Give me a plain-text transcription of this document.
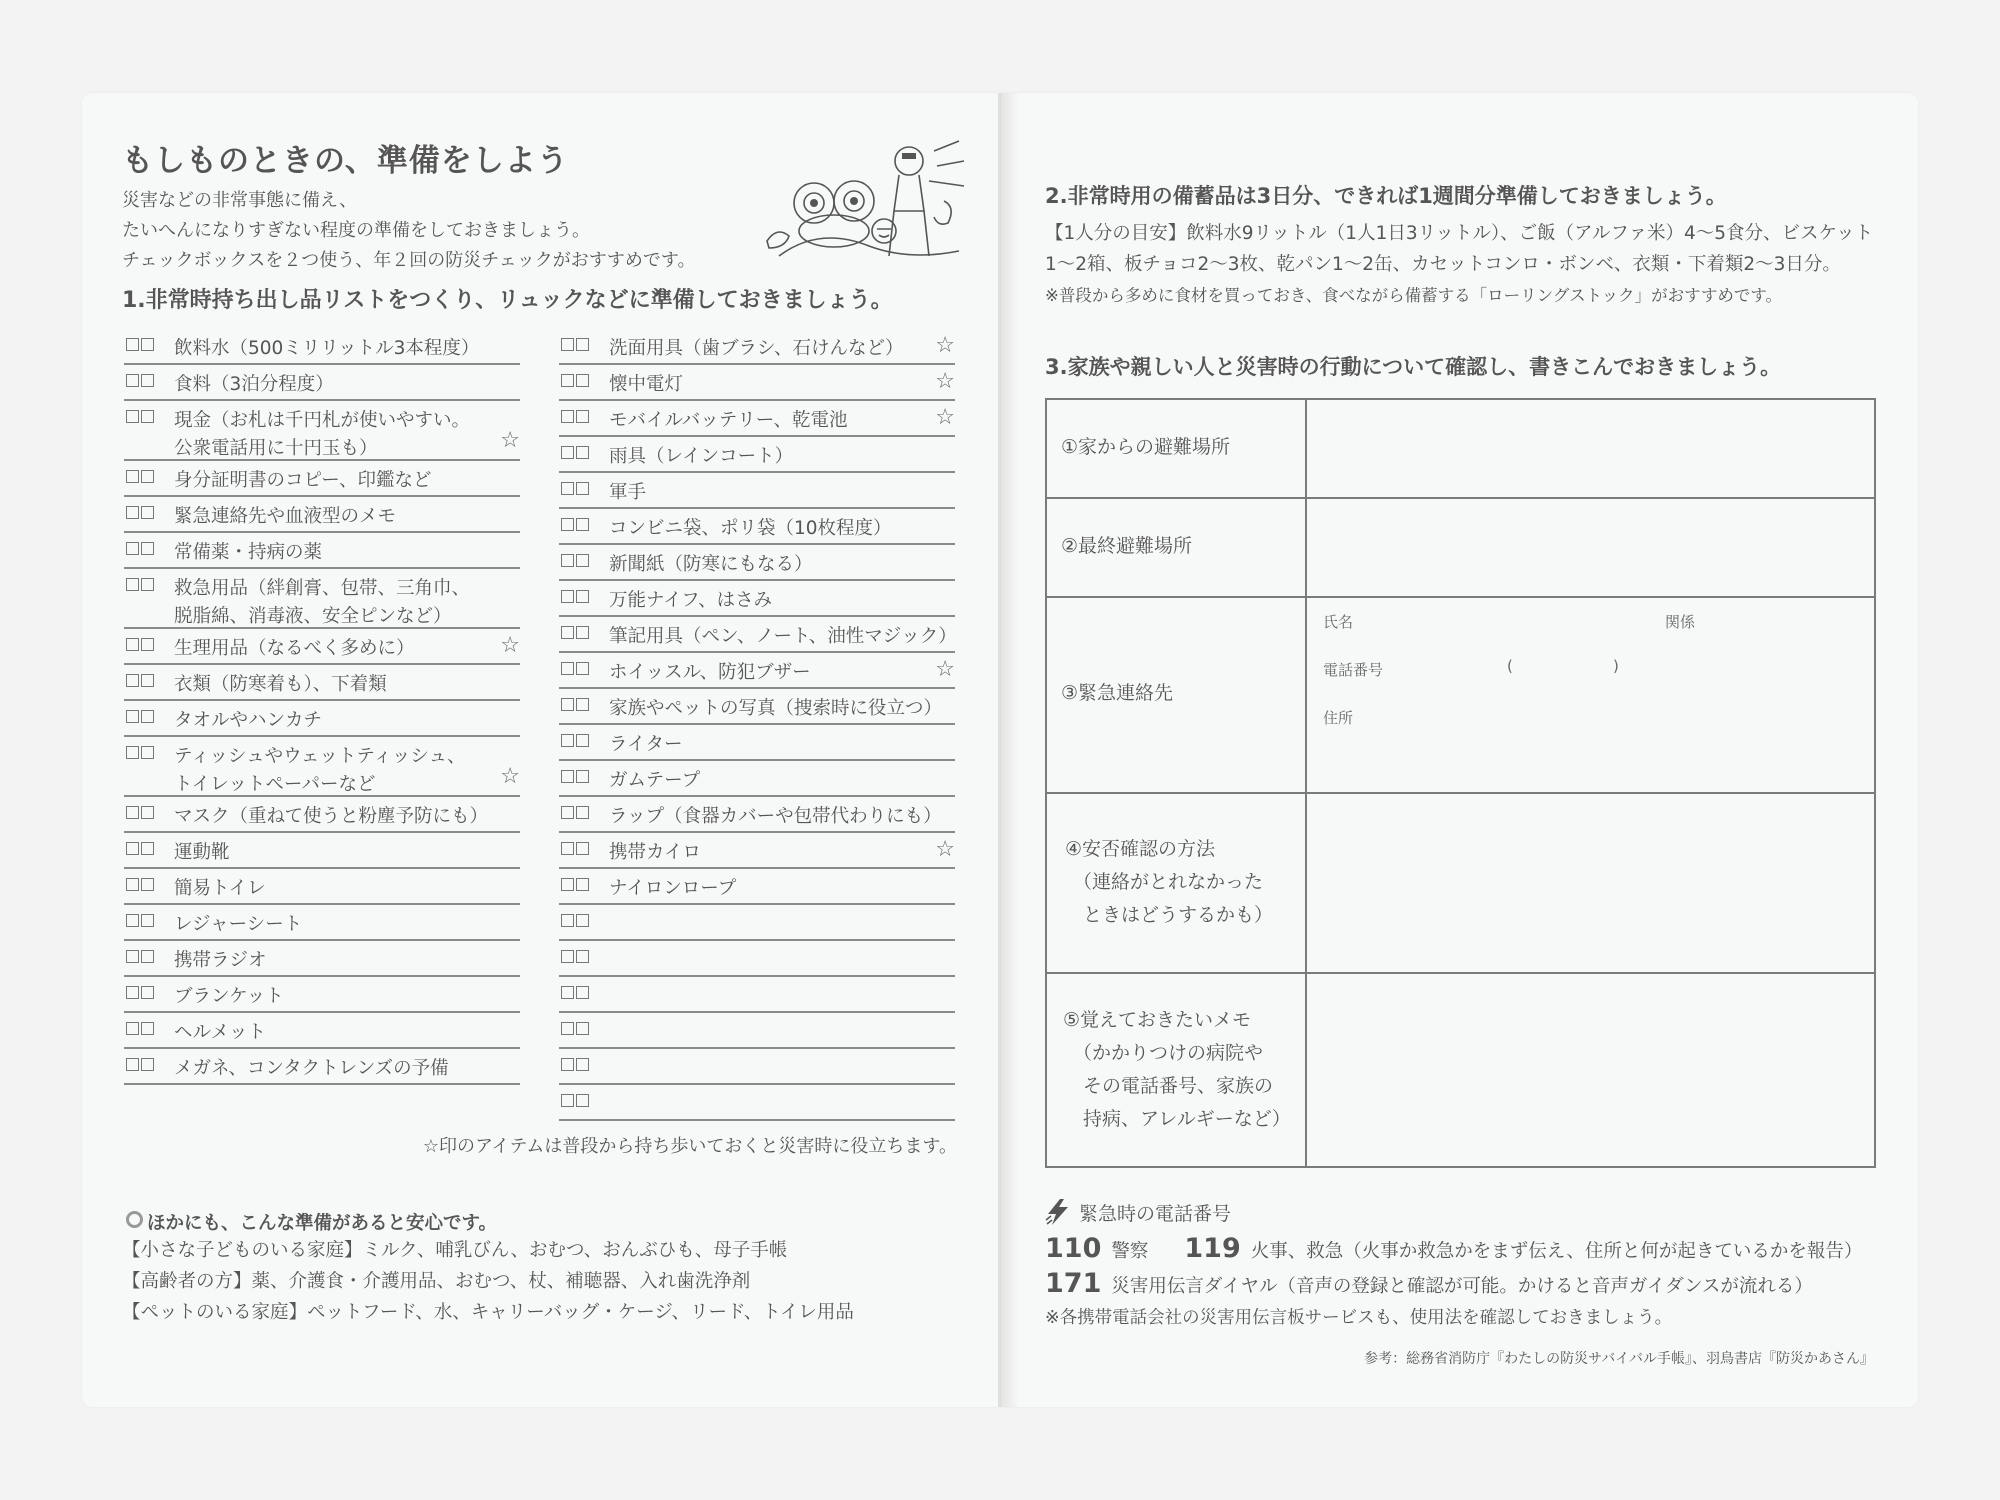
もしものときの、準備をしよう
災害などの非常事態に備え、
たいへんになりすぎない程度の準備をしておきましょう。
チェックボックスを２つ使う、年２回の防災チェックがおすすめです。
1.非常時持ち出し品リストをつくり、リュックなどに準備しておきましょう。
飲料水（500ミリリットル3本程度）
食料（3泊分程度）
現金（お札は千円札が使いやすい。
公衆電話用に十円玉も）	☆
身分証明書のコピー、印鑑など
緊急連絡先や血液型のメモ
常備薬・持病の薬
救急用品（絆創膏、包帯、三角巾、
脱脂綿、消毒液、安全ピンなど）
生理用品（なるべく多めに）	☆
衣類（防寒着も）、下着類
タオルやハンカチ
ティッシュやウェットティッシュ、
トイレットペーパーなど	☆
マスク（重ねて使うと粉塵予防にも）
運動靴
簡易トイレ
レジャーシート
携帯ラジオ
ブランケット
ヘルメット
メガネ、コンタクトレンズの予備
洗面用具（歯ブラシ、石けんなど） ☆
懐中電灯	☆
モバイルバッテリー、乾電池	☆
雨具（レインコート）
軍手
コンビニ袋、ポリ袋（10枚程度）
新聞紙（防寒にもなる）
万能ナイフ、はさみ
筆記用具（ペン、ノート、油性マジック）
ホイッスル、防犯ブザー	☆
家族やペットの写真（捜索時に役立つ）
ライター
ガムテープ
ラップ（食器カバーや包帯代わりにも）
携帯カイロ	☆
ナイロンロープ
☆印のアイテムは普段から持ち歩いておくと災害時に役立ちます。
ほかにも、こんな準備があると安心です。
【小さな子どものいる家庭】ミルク、哺乳びん、おむつ、おんぶひも、母子手帳
【高齢者の方】薬、介護食・介護用品、おむつ、杖、補聴器、入れ歯洗浄剤
【ペットのいる家庭】ペットフード、水、キャリーバッグ・ケージ、リード、トイレ用品
2.非常時用の備蓄品は3日分、できれば1週間分準備しておきましょう。
【1人分の目安】飲料水9リットル（1人1日3リットル）、ご飯（アルファ米）4〜5食分、ビスケット
1〜2箱、板チョコ2〜3枚、乾パン1〜2缶、カセットコンロ・ボンベ、衣類・下着類2〜3日分。
※普段から多めに食材を買っておき、食べながら備蓄する「ローリングストック」がおすすめです。
3.家族や親しい人と災害時の行動について確認し、書きこんでおきましょう。
①家からの避難場所
②最終避難場所
③緊急連絡先
氏名	関係
電話番号	(	)
住所
④安否確認の方法
（連絡がとれなかった
ときはどうするかも）
⑤覚えておきたいメモ
（かかりつけの病院や
その電話番号、家族の
持病、アレルギーなど）
緊急時の電話番号
110 警察 119 火事、救急（火事か救急かをまず伝え、住所と何が起きているかを報告）
171 災害用伝言ダイヤル（音声の登録と確認が可能。かけると音声ガイダンスが流れる）
※各携帯電話会社の災害用伝言板サービスも、使用法を確認しておきましょう。
参考：総務省消防庁『わたしの防災サバイバル手帳』、羽鳥書店『防災かあさん』
